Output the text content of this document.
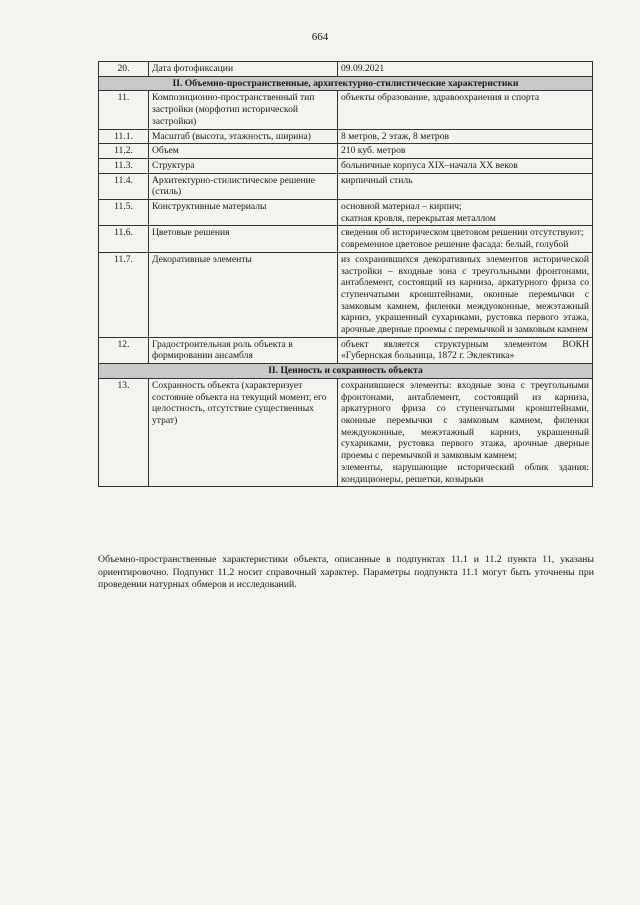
664
20.	Дата фотофиксации	09.09.2021
II. Объемно-пространственные, архитектурно-стилистические характеристики		
11.	Композиционно-пространственный тип застройки (морфотип исторической застройки)	объекты образование, здравоохранения и спорта
11.1.	Масштаб (высота, этажность, ширина)	8 метров, 2 этаж, 8 метров
11.2.	Объем	210 куб. метров
11.3.	Структура	больничные корпуса XIX–начала XX веков
11.4.	Архитектурно-стилистическое решение (стиль)	кирпичный стиль
11.5.	Конструктивные материалы	основной материал – кирпич;
скатная кровля, перекрытая металлом

11.6.	Цветовые решения	сведения об историческом цветовом решении отсутствуют;
современное цветовое решение фасада: белый, голубой

11.7.	Декоративные элементы	из сохранившихся декоративных элементов исторической застройки – входные зона с треугольными фронтонами, антаблемент, состоящий из карниза, аркатурного фриза со ступенчатыми кронштейнами, оконные перемычки с замковым камнем, филенки междуоконные, межэтажный карниз, украшенный сухариками, рустовка первого этажа, арочные дверные проемы с перемычкой и замковым камнем
12.	Градостроительная роль объекта в формировании ансамбля	объект является структурным элементом ВОКН «Губернская больница, 1872 г. Эклектика»
II. Ценность и сохранность объекта		
13.	Сохранность объекта (характеризует состояние объекта на текущий момент, его целостность, отсутствие существенных утрат)	сохранившиеся элементы: входные зона с треугольными фронтонами, антаблемент, состоящий из карниза, аркатурного фриза со ступенчатыми кронштейнами, оконные перемычки с замковым камнем, филенки междуоконные, межэтажный карниз, украшенный сухариками, рустовка первого этажа, арочные дверные проемы с перемычкой и замковым камнем;
элементы, нарушающие исторический облик здания: кондиционеры, решетки, козырьки
Объемно-пространственные характеристики объекта, описанные в подпунктах 11.1 и 11.2 пункта 11, указаны ориентировочно. Подпункт 11.2 носит справочный характер. Параметры подпункта 11.1 могут быть уточнены при проведении натурных обмеров и исследований.
